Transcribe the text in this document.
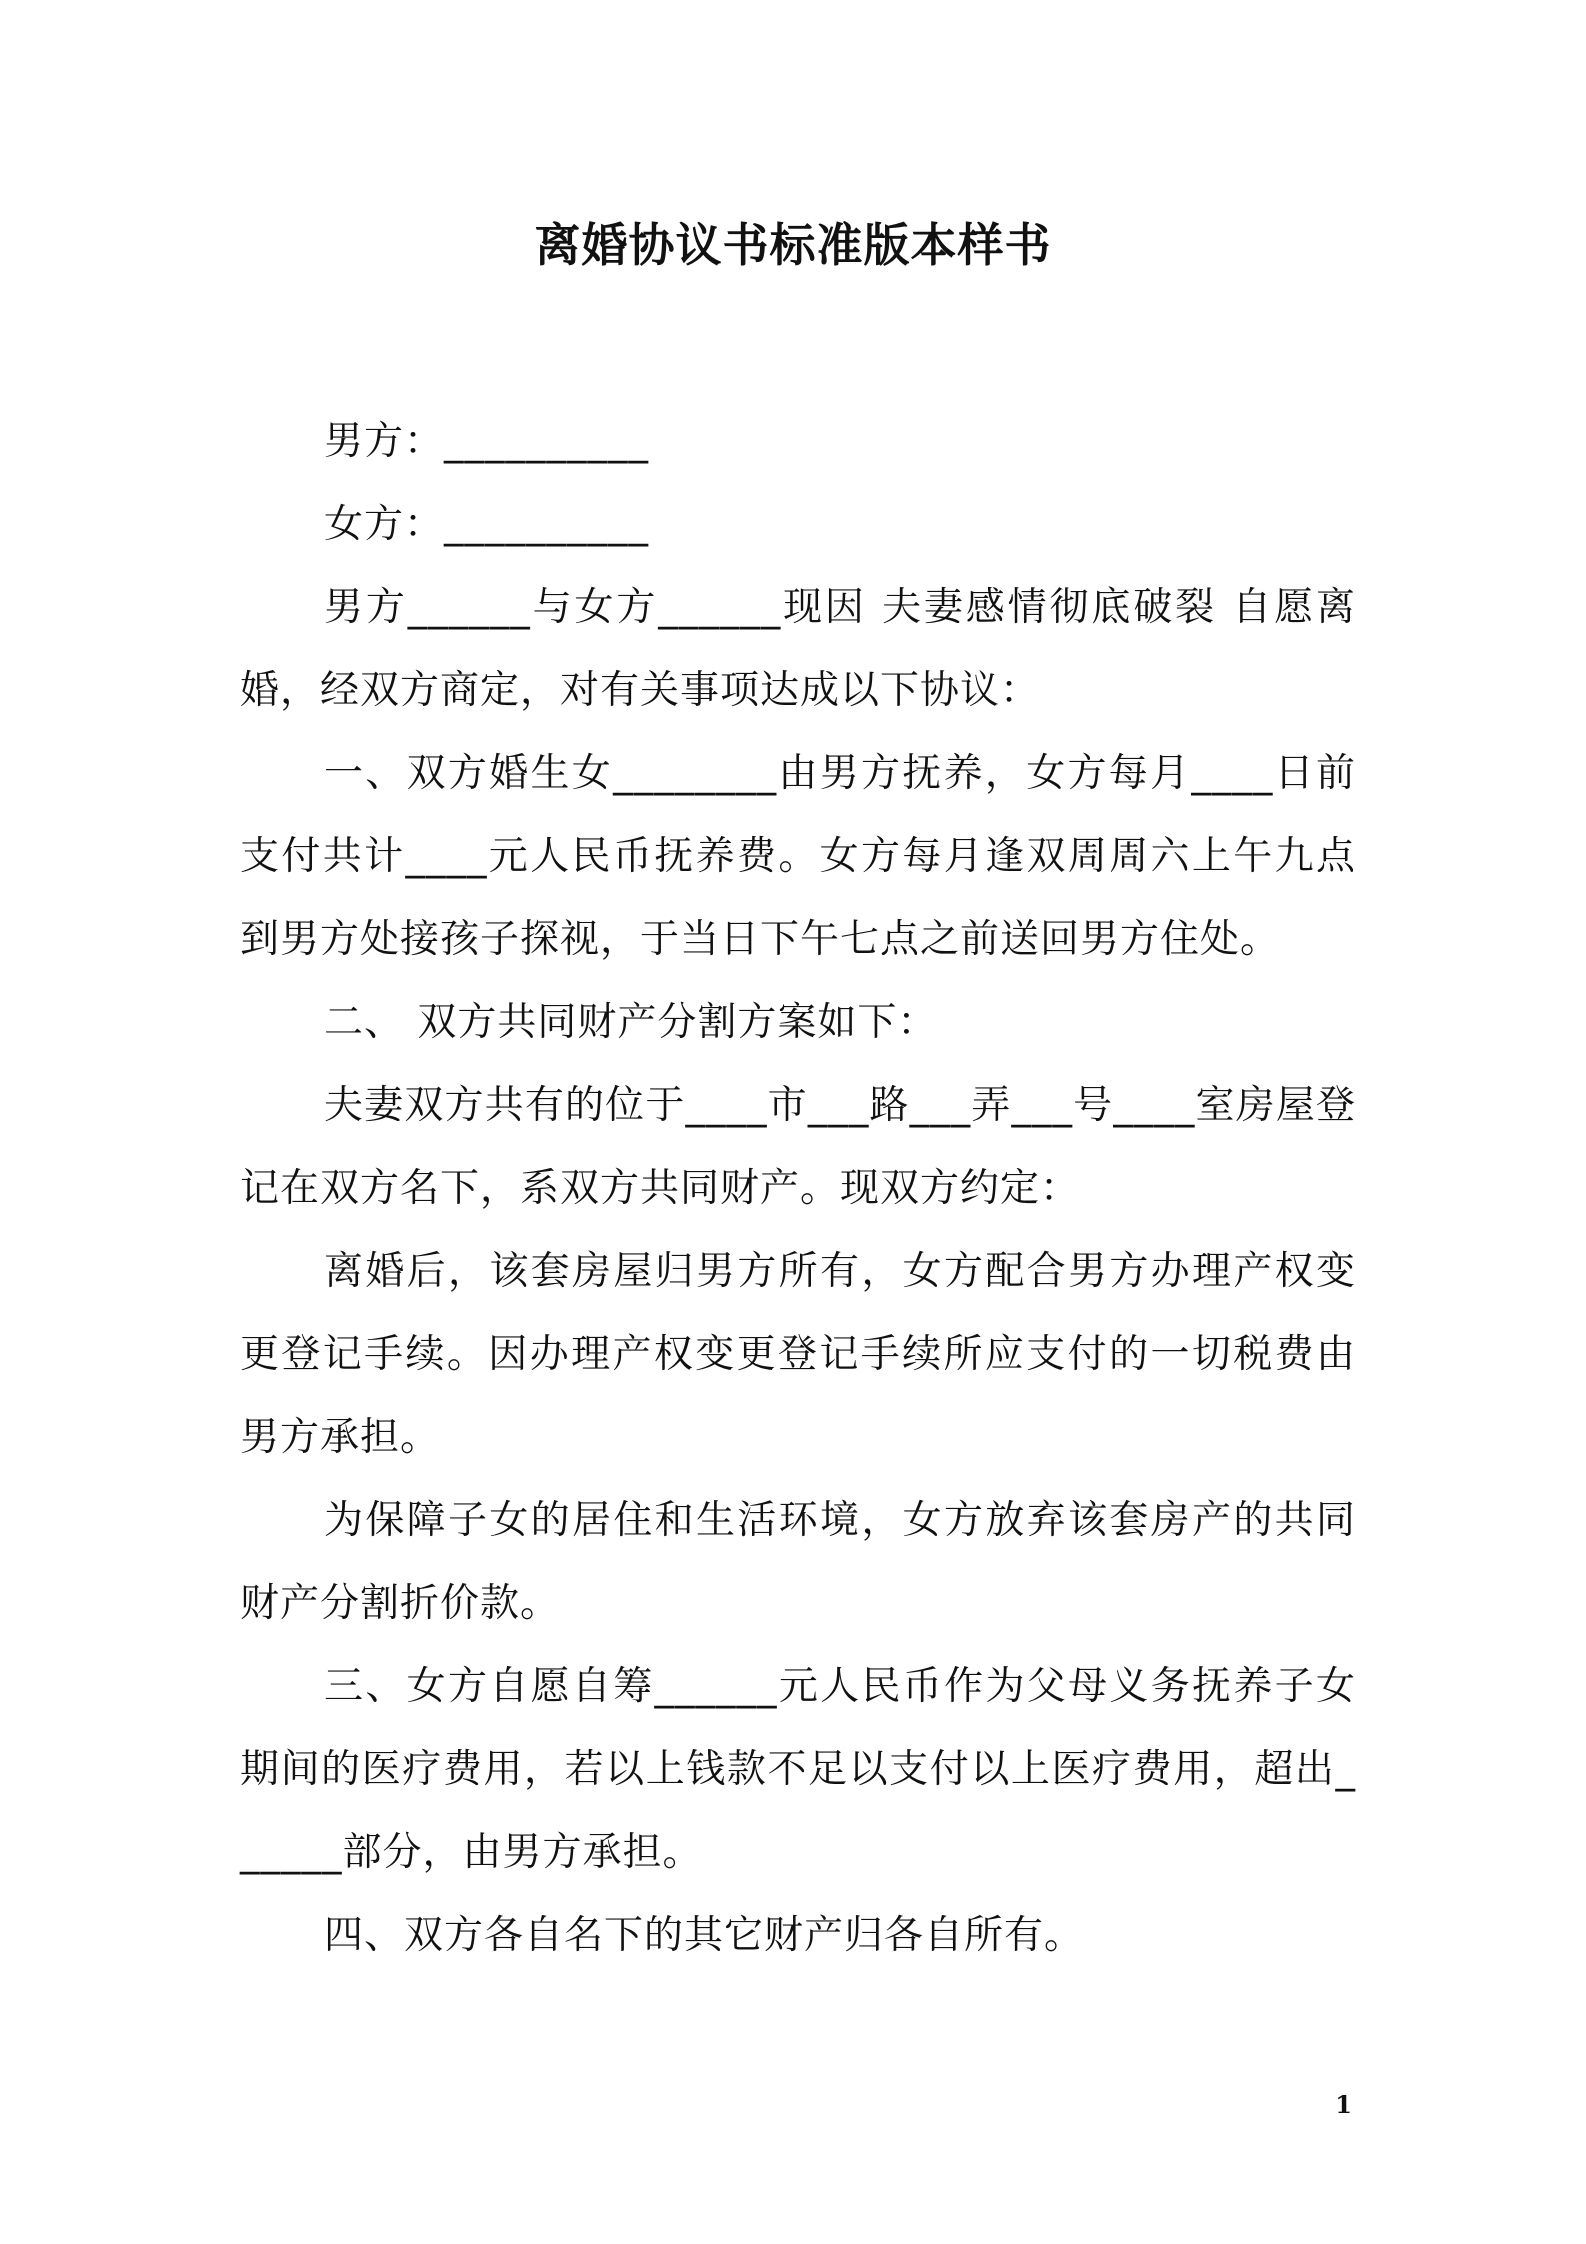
离婚协议书标准版本样书

男方：__________

女方：__________

男方______与女方______现因 夫妻感情彻底破裂 自愿离婚，经双方商定，对有关事项达成以下协议：

一、双方婚生女________由男方抚养，女方每月____日前支付共计____元人民币抚养费。女方每月逢双周周六上午九点到男方处接孩子探视，于当日下午七点之前送回男方住处。

二、 双方共同财产分割方案如下：

夫妻双方共有的位于____市___路___弄___号____室房屋登记在双方名下，系双方共同财产。现双方约定：

离婚后，该套房屋归男方所有，女方配合男方办理产权变更登记手续。因办理产权变更登记手续所应支付的一切税费由男方承担。

为保障子女的居住和生活环境，女方放弃该套房产的共同财产分割折价款。

三、女方自愿自筹______元人民币作为父母义务抚养子女期间的医疗费用，若以上钱款不足以支付以上医疗费用，超出______部分，由男方承担。

四、双方各自名下的其它财产归各自所有。

1
